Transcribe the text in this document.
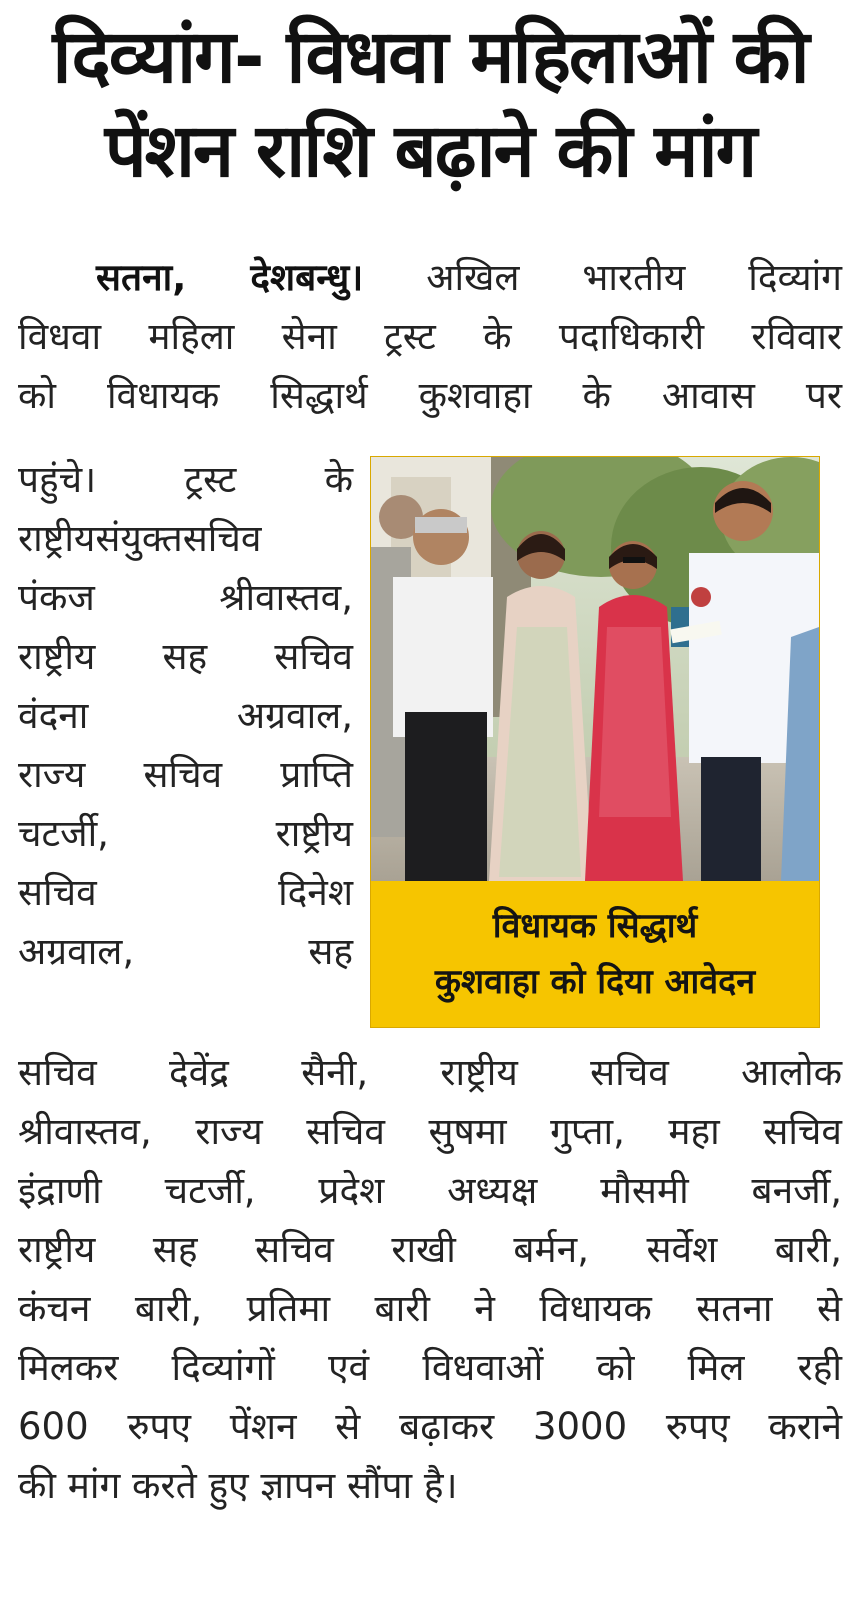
दिव्यांग- विधवा महिलाओं की
पेंशन राशि बढ़ाने की मांग
सतना, देशबन्धु। अखिल भारतीय दिव्यांग
विधवा महिला सेना ट्रस्ट के पदाधिकारी रविवार
को विधायक सिद्धार्थ कुशवाहा के आवास पर
पहुंचे। ट्रस्ट के
राष्ट्रीय संयुक्त सचिव
पंकज	श्रीवास्तव,
राष्ट्रीय सह सचिव
वंदना	अग्रवाल,
राज्य सचिव प्राप्ति
चटर्जी,	राष्ट्रीय
सचिव	दिनेश
अग्रवाल,	सह
विधायक सिद्धार्थ
कुशवाहा को दिया आवेदन
सचिव देवेंद्र सैनी, राष्ट्रीय सचिव आलोक
श्रीवास्तव, राज्य सचिव सुषमा गुप्ता, महा सचिव
इंद्राणी चटर्जी, प्रदेश अध्यक्ष मौसमी बनर्जी,
राष्ट्रीय सह सचिव राखी बर्मन, सर्वेश बारी,
कंचन बारी, प्रतिमा बारी ने विधायक सतना से
मिलकर दिव्यांगों एवं विधवाओं को मिल रही
600 रुपए पेंशन से बढ़ाकर 3000 रुपए कराने
की मांग करते हुए ज्ञापन सौंपा है।
